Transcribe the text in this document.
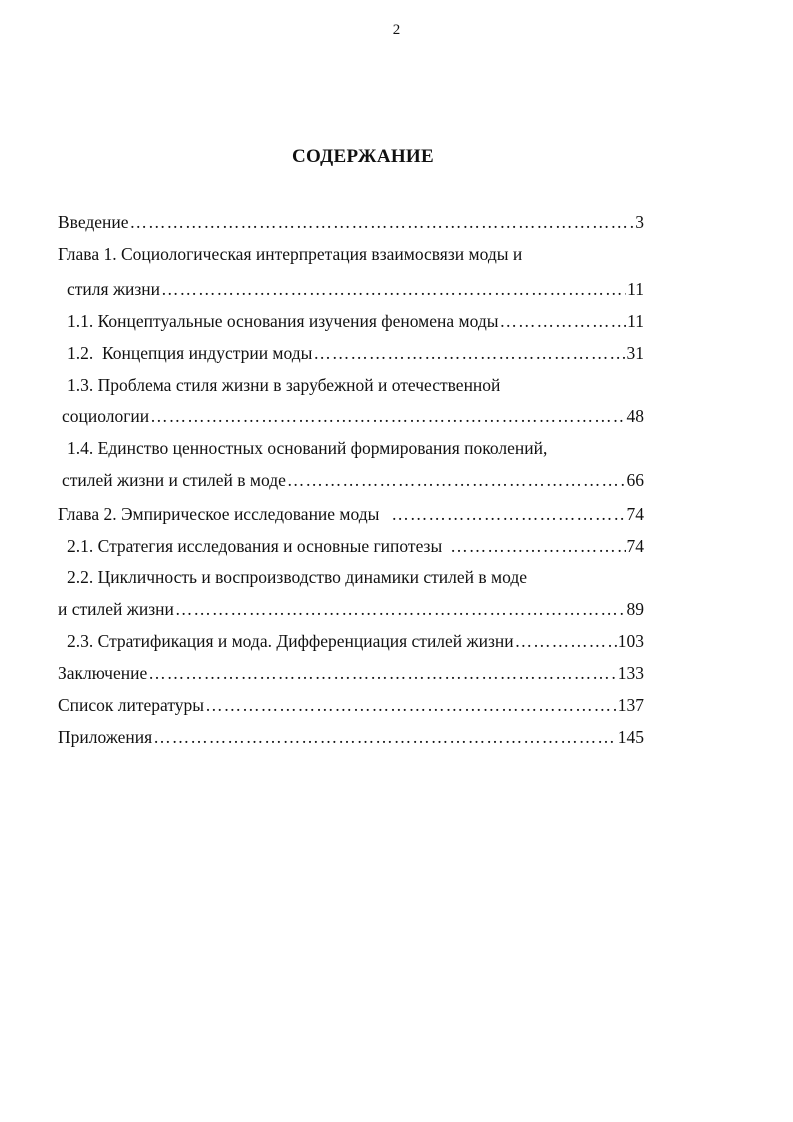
2
СОДЕРЖАНИЕ
Введение …………………………………………………………………………………………………………………………………………………………………………………	3
Глава 1. Социологическая интерпретация взаимосвязи моды и
стиля жизни …………………………………………………………………………………………………………………………………………………………………………………	11
1.1. Концептуальные основания изучения феномена моды …………………………………………………………………………………………………………………………………………………………………………………	11
1.2.  Концепция индустрии моды …………………………………………………………………………………………………………………………………………………………………………………	31
1.3. Проблема стиля жизни в зарубежной и отечественной
социологии …………………………………………………………………………………………………………………………………………………………………………………	48
1.4. Единство ценностных оснований формирования поколений,
стилей жизни и стилей в моде …………………………………………………………………………………………………………………………………………………………………………………	66
Глава 2. Эмпирическое исследование моды …………………………………………………………………………………………………………………………………………………………………………………	74
2.1. Стратегия исследования и основные гипотезы …………………………………………………………………………………………………………………………………………………………………………………	74
2.2. Цикличность и воспроизводство динамики стилей в моде
и стилей жизни …………………………………………………………………………………………………………………………………………………………………………………	89
2.3. Стратификация и мода. Дифференциация стилей жизни …………………………………………………………………………………………………………………………………………………………………………………	103
Заключение …………………………………………………………………………………………………………………………………………………………………………………	133
Список литературы …………………………………………………………………………………………………………………………………………………………………………………	137
Приложения …………………………………………………………………………………………………………………………………………………………………………………	145
